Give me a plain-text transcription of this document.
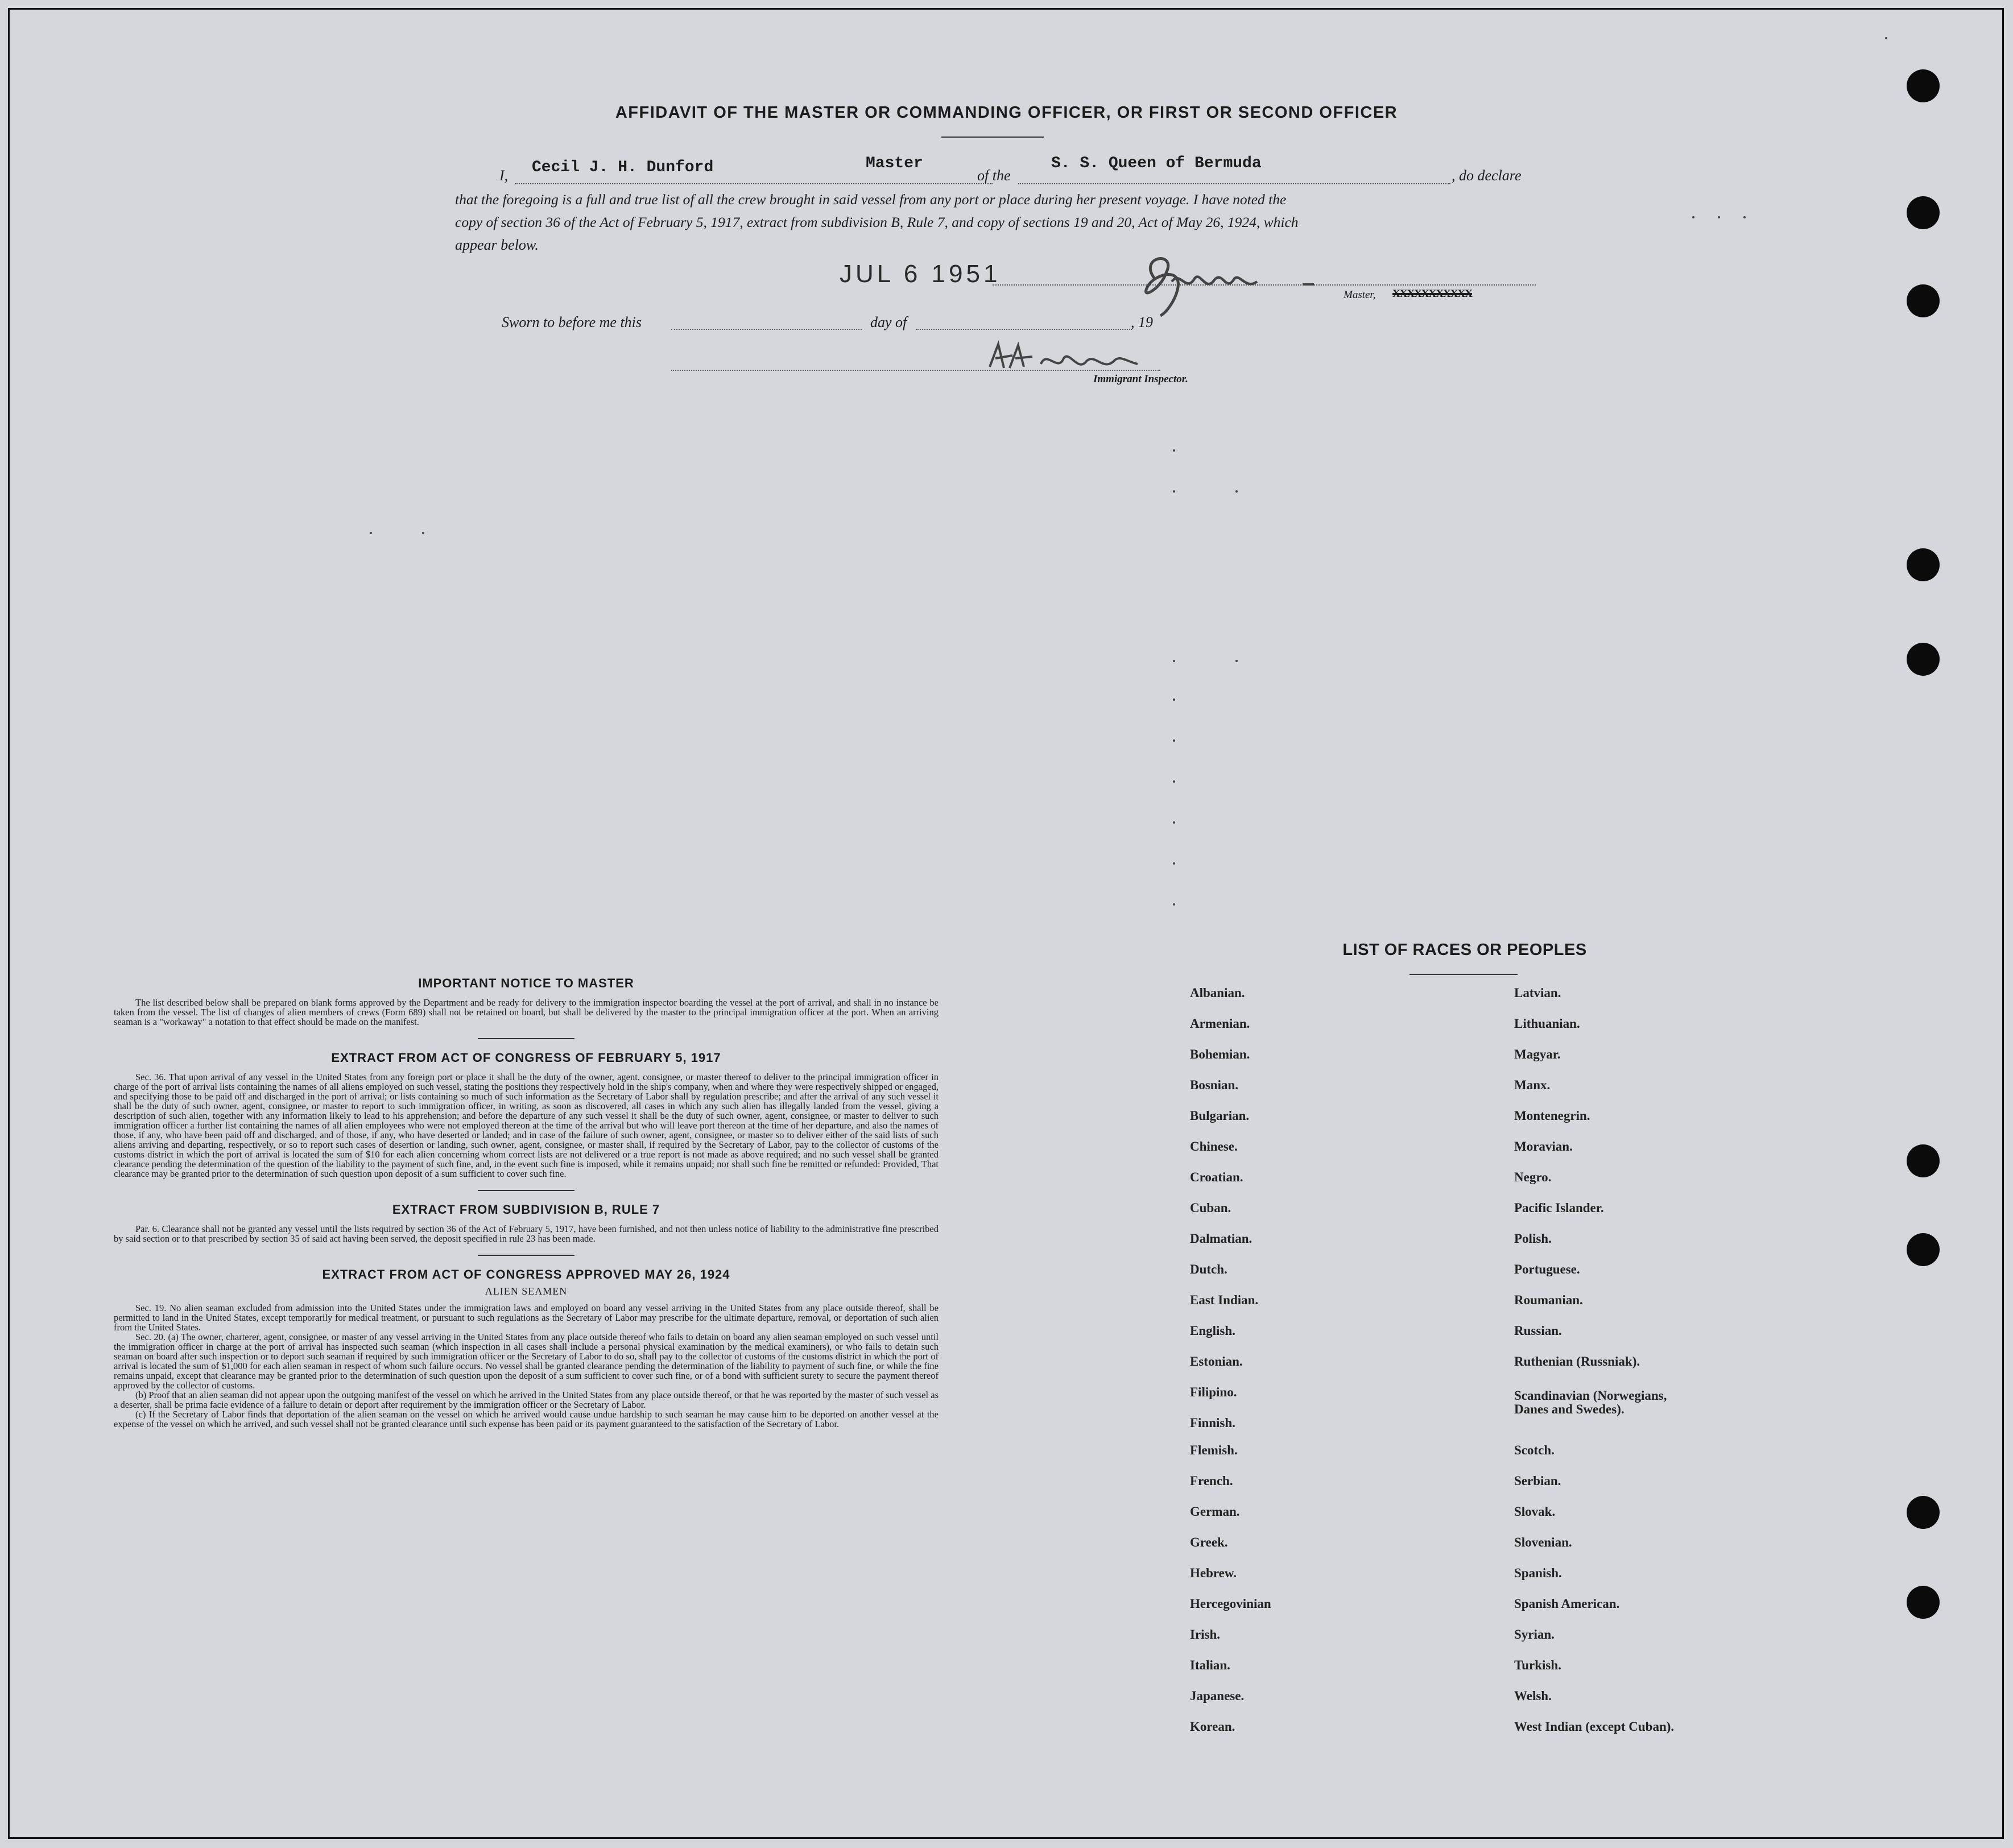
AFFIDAVIT OF THE MASTER OR COMMANDING OFFICER, OR FIRST OR SECOND OFFICER
I, Cecil J. H. Dunford	Master
of the
S. S. Queen of Bermuda
, do declare
that the foregoing is a full and true list of all the crew brought in said vessel from any port or place during her present voyage. I have noted the
copy of section 36 of the Act of February 5, 1917, extract from subdivision B, Rule 7, and copy of sections 19 and 20, Act of May 26, 1924, which
appear below.
JUL 6 1951
Master, XXXXXXXXXXX
Sworn to before me this	day of	, 19
Immigrant Inspector.
IMPORTANT NOTICE TO MASTER

The list described below shall be prepared on blank forms approved by the Department and be ready for delivery to the immigration inspector boarding the vessel at the port of arrival, and shall in no instance be taken from the vessel. The list of changes of alien members of crews (Form 689) shall not be retained on board, but shall be delivered by the master to the principal immigration officer at the port. When an arriving seaman is a "workaway" a notation to that effect should be made on the manifest.

EXTRACT FROM ACT OF CONGRESS OF FEBRUARY 5, 1917

Sec. 36. That upon arrival of any vessel in the United States from any foreign port or place it shall be the duty of the owner, agent, consignee, or master thereof to deliver to the principal immigration officer in charge of the port of arrival lists containing the names of all aliens employed on such vessel, stating the positions they respectively hold in the ship's company, when and where they were respectively shipped or engaged, and specifying those to be paid off and discharged in the port of arrival; or lists containing so much of such information as the Secretary of Labor shall by regulation prescribe; and after the arrival of any such vessel it shall be the duty of such owner, agent, consignee, or master to report to such immigration officer, in writing, as soon as discovered, all cases in which any such alien has illegally landed from the vessel, giving a description of such alien, together with any information likely to lead to his apprehension; and before the departure of any such vessel it shall be the duty of such owner, agent, consignee, or master to deliver to such immigration officer a further list containing the names of all alien employees who were not employed thereon at the time of the arrival but who will leave port thereon at the time of her departure, and also the names of those, if any, who have been paid off and discharged, and of those, if any, who have deserted or landed; and in case of the failure of such owner, agent, consignee, or master so to deliver either of the said lists of such aliens arriving and departing, respectively, or so to report such cases of desertion or landing, such owner, agent, consignee, or master shall, if required by the Secretary of Labor, pay to the collector of customs of the customs district in which the port of arrival is located the sum of $10 for each alien concerning whom correct lists are not delivered or a true report is not made as above required; and no such vessel shall be granted clearance pending the determination of the question of the liability to the payment of such fine, and, in the event such fine is imposed, while it remains unpaid; nor shall such fine be remitted or refunded: Provided, That clearance may be granted prior to the determination of such question upon deposit of a sum sufficient to cover such fine.

EXTRACT FROM SUBDIVISION B, RULE 7

Par. 6. Clearance shall not be granted any vessel until the lists required by section 36 of the Act of February 5, 1917, have been furnished, and not then unless notice of liability to the administrative fine prescribed by said section or to that prescribed by section 35 of said act having been served, the deposit specified in rule 23 has been made.

EXTRACT FROM ACT OF CONGRESS APPROVED MAY 26, 1924
ALIEN SEAMEN

Sec. 19. No alien seaman excluded from admission into the United States under the immigration laws and employed on board any vessel arriving in the United States from any place outside thereof, shall be permitted to land in the United States, except temporarily for medical treatment, or pursuant to such regulations as the Secretary of Labor may prescribe for the ultimate departure, removal, or deportation of such alien from the United States.

Sec. 20. (a) The owner, charterer, agent, consignee, or master of any vessel arriving in the United States from any place outside thereof who fails to detain on board any alien seaman employed on such vessel until the immigration officer in charge at the port of arrival has inspected such seaman (which inspection in all cases shall include a personal physical examination by the medical examiners), or who fails to detain such seaman on board after such inspection or to deport such seaman if required by such immigration officer or the Secretary of Labor to do so, shall pay to the collector of customs of the customs district in which the port of arrival is located the sum of $1,000 for each alien seaman in respect of whom such failure occurs. No vessel shall be granted clearance pending the determination of the liability to payment of such fine, or while the fine remains unpaid, except that clearance may be granted prior to the determination of such question upon the deposit of a sum sufficient to cover such fine, or of a bond with sufficient surety to secure the payment thereof approved by the collector of customs.

(b) Proof that an alien seaman did not appear upon the outgoing manifest of the vessel on which he arrived in the United States from any place outside thereof, or that he was reported by the master of such vessel as a deserter, shall be prima facie evidence of a failure to detain or deport after requirement by the immigration officer or the Secretary of Labor.

(c) If the Secretary of Labor finds that deportation of the alien seaman on the vessel on which he arrived would cause undue hardship to such seaman he may cause him to be deported on another vessel at the expense of the vessel on which he arrived, and such vessel shall not be granted clearance until such expense has been paid or its payment guaranteed to the satisfaction of the Secretary of Labor.

LIST OF RACES OR PEOPLES
Albanian.
Armenian.
Bohemian.
Bosnian.
Bulgarian.
Chinese.
Croatian.
Cuban.
Dalmatian.
Dutch.
East Indian.
English.
Estonian.
Filipino.
Finnish.
Flemish.
French.
German.
Greek.
Hebrew.
Hercegovinian
Irish.
Italian.
Japanese.
Korean.
Latvian.
Lithuanian.
Magyar.
Manx.
Montenegrin.
Moravian.
Negro.
Pacific Islander.
Polish.
Portuguese.
Roumanian.
Russian.
Ruthenian (Russniak).
Scandinavian (Norwegians,
Danes and Swedes).
Scotch.
Serbian.
Slovak.
Slovenian.
Spanish.
Spanish American.
Syrian.
Turkish.
Welsh.
West Indian (except Cuban).
